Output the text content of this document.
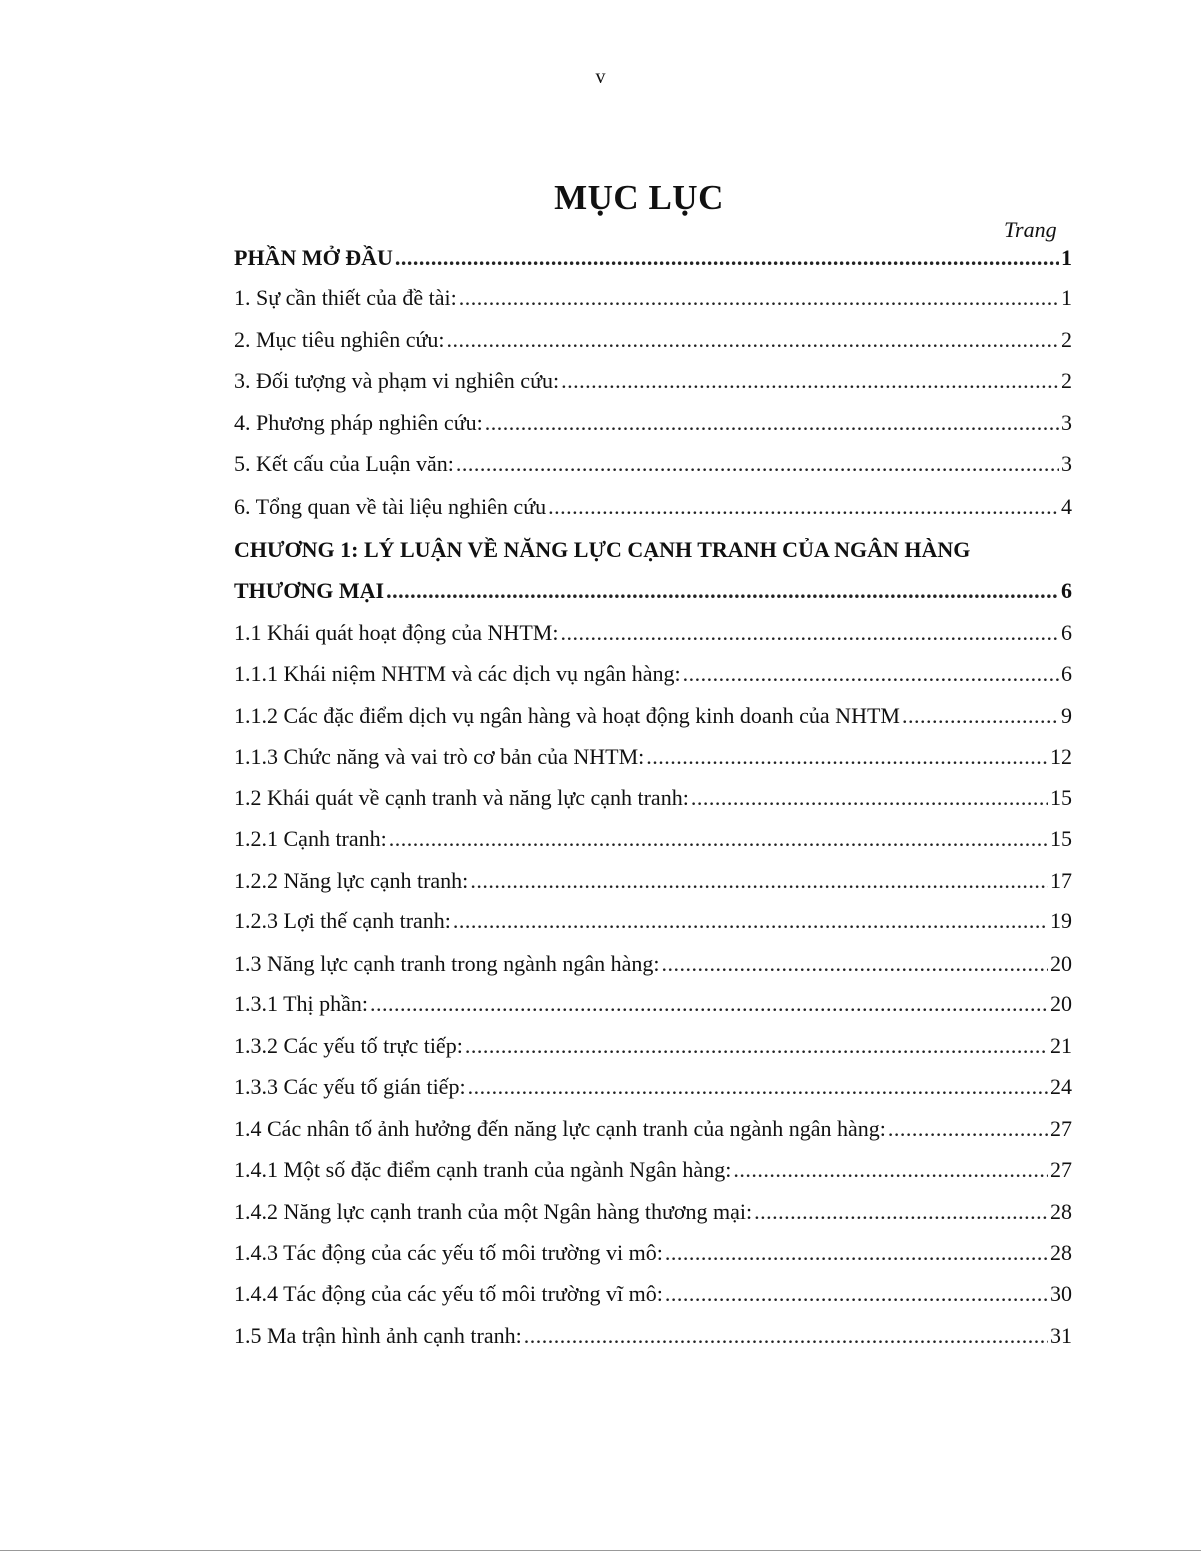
v
MỤC LỤC
Trang
PHẦN MỞ ĐẦU .....	1
1. Sự cần thiết của đề tài: .....	1
2. Mục tiêu nghiên cứu: .....	2
3. Đối tượng và phạm vi nghiên cứu: .....	2
4. Phương pháp nghiên cứu: .....	3
5. Kết cấu của Luận văn: .....	3
6. Tổng quan về tài liệu nghiên cứu .....	4
CHƯƠNG 1: LÝ LUẬN VỀ NĂNG LỰC CẠNH TRANH CỦA NGÂN HÀNG
THƯƠNG MẠI .....	6
1.1 Khái quát hoạt động của NHTM: .....	6
1.1.1 Khái niệm NHTM và các dịch vụ ngân hàng: .....	6
1.1.2 Các đặc điểm dịch vụ ngân hàng và hoạt động kinh doanh của NHTM .....	9
1.1.3 Chức năng và vai trò cơ bản của NHTM: .....	12
1.2 Khái quát về cạnh tranh và năng lực cạnh tranh: .....	15
1.2.1 Cạnh tranh: .....	15
1.2.2 Năng lực cạnh tranh: .....	17
1.2.3 Lợi thế cạnh tranh: .....	19
1.3 Năng lực cạnh tranh trong ngành ngân hàng: .....	20
1.3.1 Thị phần: .....	20
1.3.2 Các yếu tố trực tiếp: .....	21
1.3.3 Các yếu tố gián tiếp: .....	24
1.4 Các nhân tố ảnh hưởng đến năng lực cạnh tranh của ngành ngân hàng: .....	27
1.4.1 Một số đặc điểm cạnh tranh của ngành Ngân hàng: .....	27
1.4.2 Năng lực cạnh tranh của một Ngân hàng thương mại: .....	28
1.4.3 Tác động của các yếu tố môi trường vi mô: .....	28
1.4.4 Tác động của các yếu tố môi trường vĩ mô: .....	30
1.5 Ma trận hình ảnh cạnh tranh: .....	31
